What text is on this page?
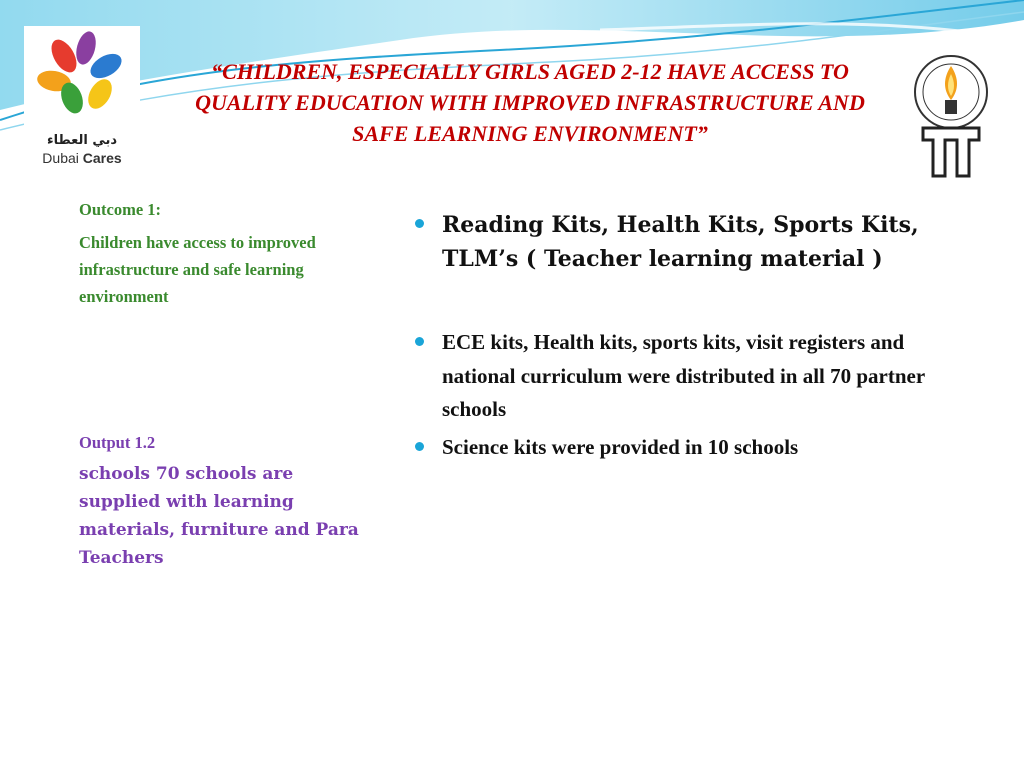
دبي العطاء
Dubai Cares
“CHILDREN, ESPECIALLY GIRLS AGED 2-12 HAVE ACCESS TO QUALITY EDUCATION WITH IMPROVED INFRASTRUCTURE AND SAFE LEARNING ENVIRONMENT”

Outcome 1:

Children have access to improved infrastructure and safe learning environment

Output 1.2

schools 70 schools are supplied with learning materials, furniture and Para Teachers

Reading Kits, Health Kits, Sports Kits, TLM’s ( Teacher learning material )
ECE kits, Health kits, sports kits, visit registers and national curriculum were distributed in all 70 partner schools
Science kits were provided in 10 schools
